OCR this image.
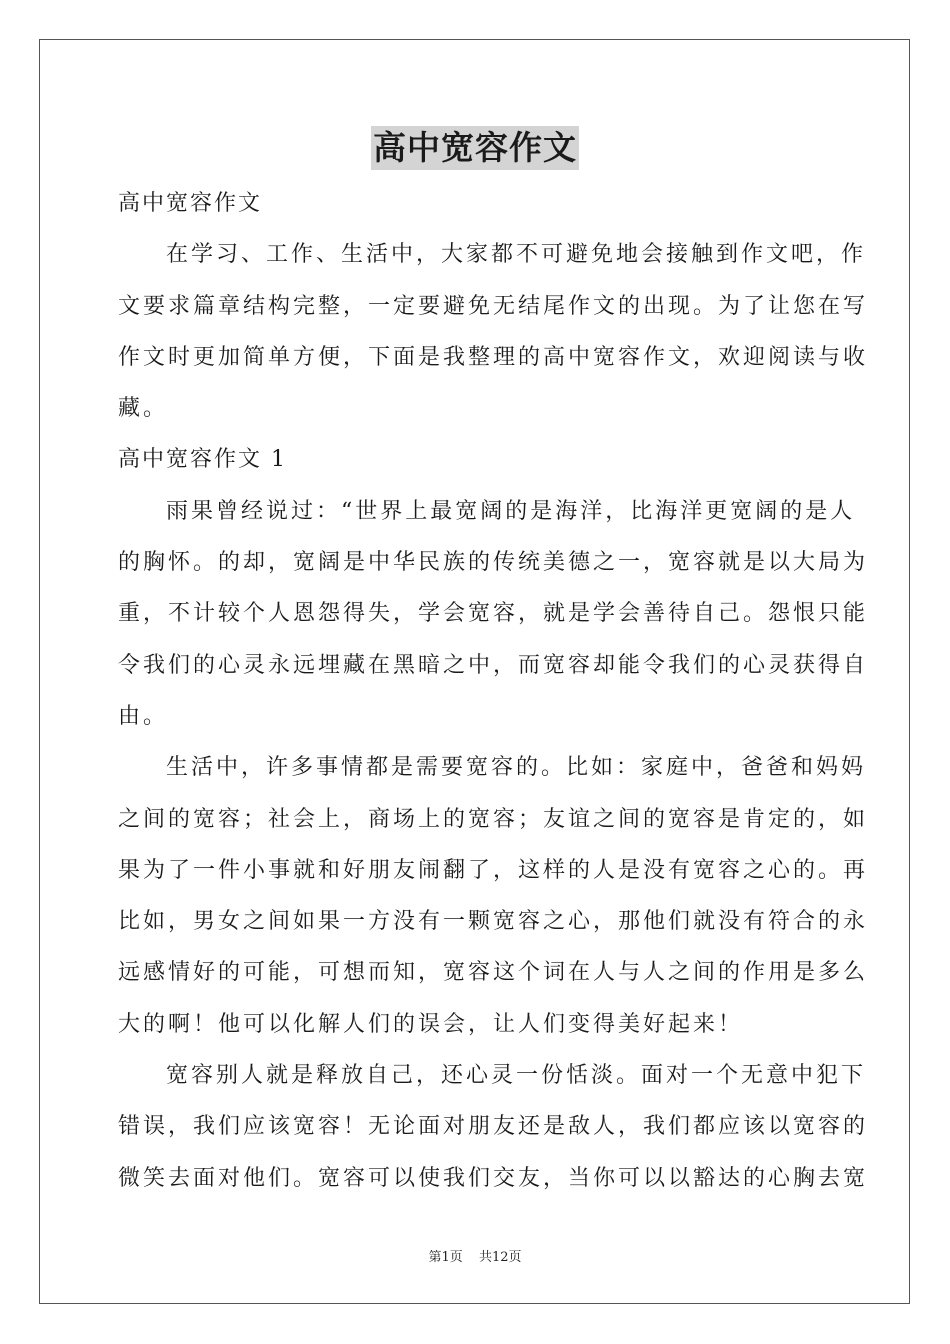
高中宽容作文

高中宽容作文

在学习、工作、生活中，大家都不可避免地会接触到作文吧，作

文要求篇章结构完整，一定要避免无结尾作文的出现。为了让您在写

作文时更加简单方便，下面是我整理的高中宽容作文，欢迎阅读与收

藏。

高中宽容作文 1

雨果曾经说过：“世界上最宽阔的是海洋，比海洋更宽阔的是人

的胸怀。的却，宽阔是中华民族的传统美德之一，宽容就是以大局为

重，不计较个人恩怨得失，学会宽容，就是学会善待自己。怨恨只能

令我们的心灵永远埋藏在黑暗之中，而宽容却能令我们的心灵获得自

由。

生活中，许多事情都是需要宽容的。比如：家庭中，爸爸和妈妈

之间的宽容；社会上，商场上的宽容；友谊之间的宽容是肯定的，如

果为了一件小事就和好朋友闹翻了，这样的人是没有宽容之心的。再

比如，男女之间如果一方没有一颗宽容之心，那他们就没有符合的永

远感情好的可能，可想而知，宽容这个词在人与人之间的作用是多么

大的啊！他可以化解人们的误会，让人们变得美好起来！

宽容别人就是释放自己，还心灵一份恬淡。面对一个无意中犯下

错误，我们应该宽容！无论面对朋友还是敌人，我们都应该以宽容的

微笑去面对他们。宽容可以使我们交友，当你可以以豁达的心胸去宽

第1页 共12页
